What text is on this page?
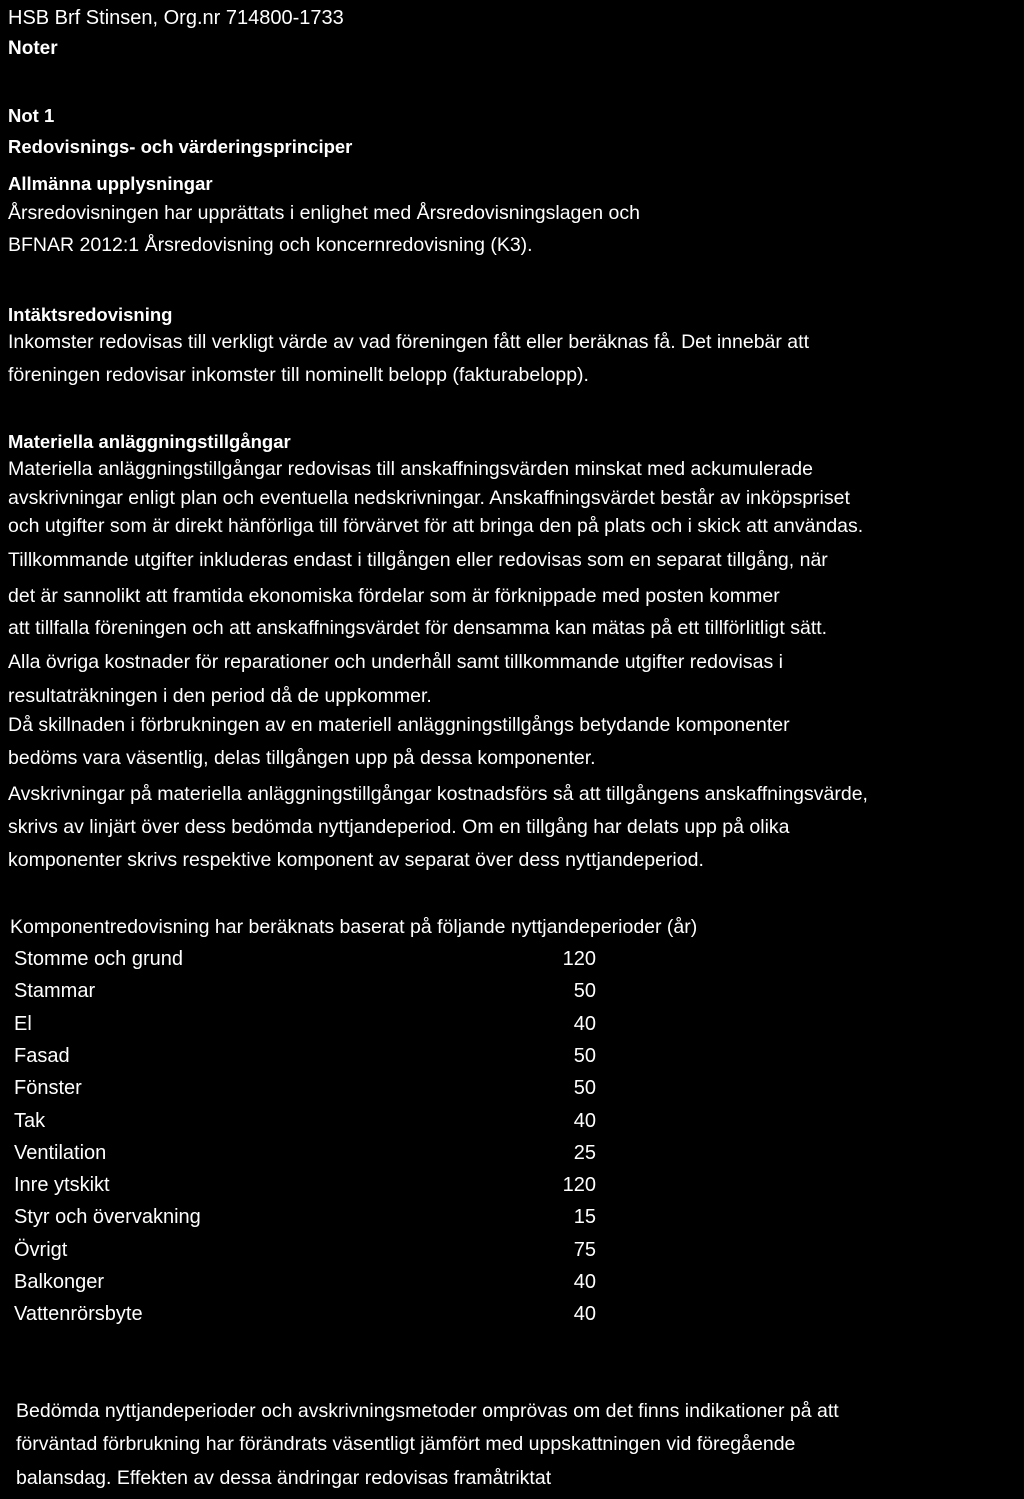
HSB Brf Stinsen, Org.nr 714800-1733
Noter
Not 1
Redovisnings- och värderingsprinciper
Allmänna upplysningar
Årsredovisningen har upprättats i enlighet med Årsredovisningslagen och
BFNAR 2012:1 Årsredovisning och koncernredovisning (K3).
Intäktsredovisning
Inkomster redovisas till verkligt värde av vad föreningen fått eller beräknas få. Det innebär att
föreningen redovisar inkomster till nominellt belopp (fakturabelopp).
Materiella anläggningstillgångar
Materiella anläggningstillgångar redovisas till anskaffningsvärden minskat med ackumulerade
avskrivningar enligt plan och eventuella nedskrivningar. Anskaffningsvärdet består av inköpspriset
och utgifter som är direkt hänförliga till förvärvet för att bringa den på plats och i skick att användas.
Tillkommande utgifter inkluderas endast i tillgången eller redovisas som en separat tillgång, när
det är sannolikt att framtida ekonomiska fördelar som är förknippade med posten kommer
att tillfalla föreningen och att anskaffningsvärdet för densamma kan mätas på ett tillförlitligt sätt.
Alla övriga kostnader för reparationer och underhåll samt tillkommande utgifter redovisas i
resultaträkningen i den period då de uppkommer.
Då skillnaden i förbrukningen av en materiell anläggningstillgångs betydande komponenter
bedöms vara väsentlig, delas tillgången upp på dessa komponenter.
Avskrivningar på materiella anläggningstillgångar kostnadsförs så att tillgångens anskaffningsvärde,
skrivs av linjärt över dess bedömda nyttjandeperiod. Om en tillgång har delats upp på olika
komponenter skrivs respektive komponent av separat över dess nyttjandeperiod.
Komponentredovisning har beräknats baserat på följande nyttjandeperioder (år)
Stomme och grund	120
Stammar	50
El	40
Fasad	50
Fönster	50
Tak	40
Ventilation	25
Inre ytskikt	120
Styr och övervakning	15
Övrigt	75
Balkonger	40
Vattenrörsbyte	40
Bedömda nyttjandeperioder och avskrivningsmetoder omprövas om det finns indikationer på att
förväntad förbrukning har förändrats väsentligt jämfört med uppskattningen vid föregående
balansdag. Effekten av dessa ändringar redovisas framåtriktat
